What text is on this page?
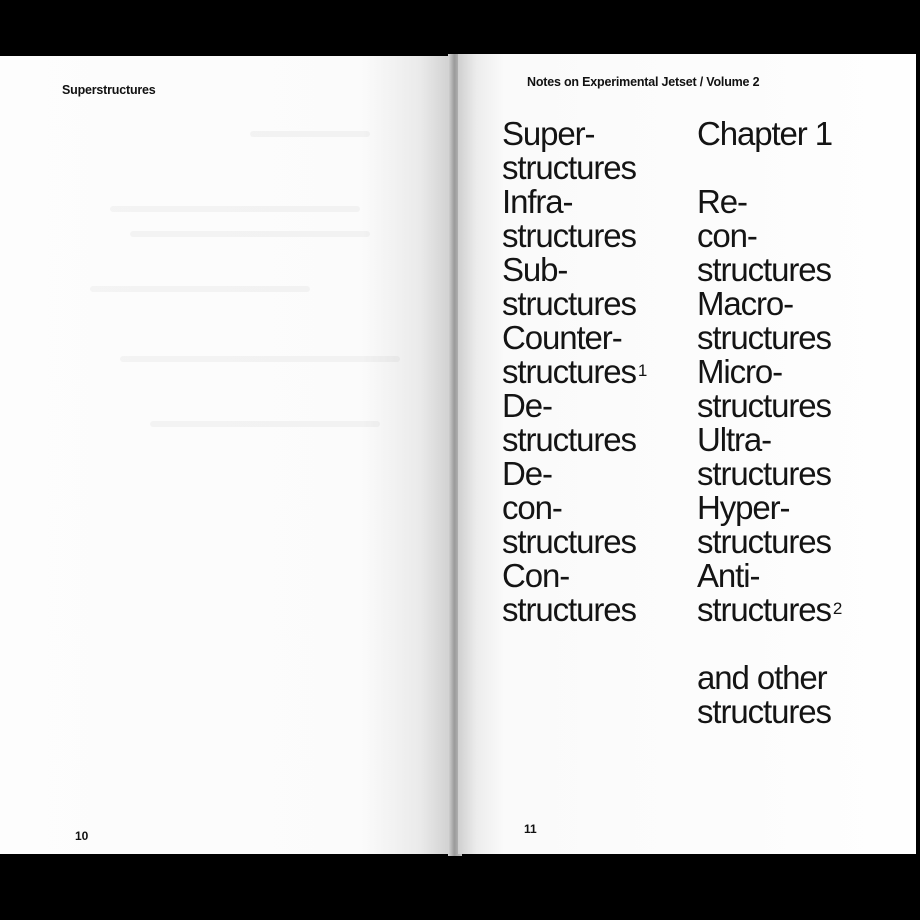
Superstructures
10
Notes on Experimental Jetset / Volume 2
Super-
structures
Infra-
structures
Sub-
structures
Counter-
structures $^1$
De-
structures
De-
con-
structures
Con-
structures
Chapter 1
Re-
con-
structures
Macro-
structures
Micro-
structures
Ultra-
structures
Hyper-
structures
Anti-
structures $^2$
and other
structures
11
